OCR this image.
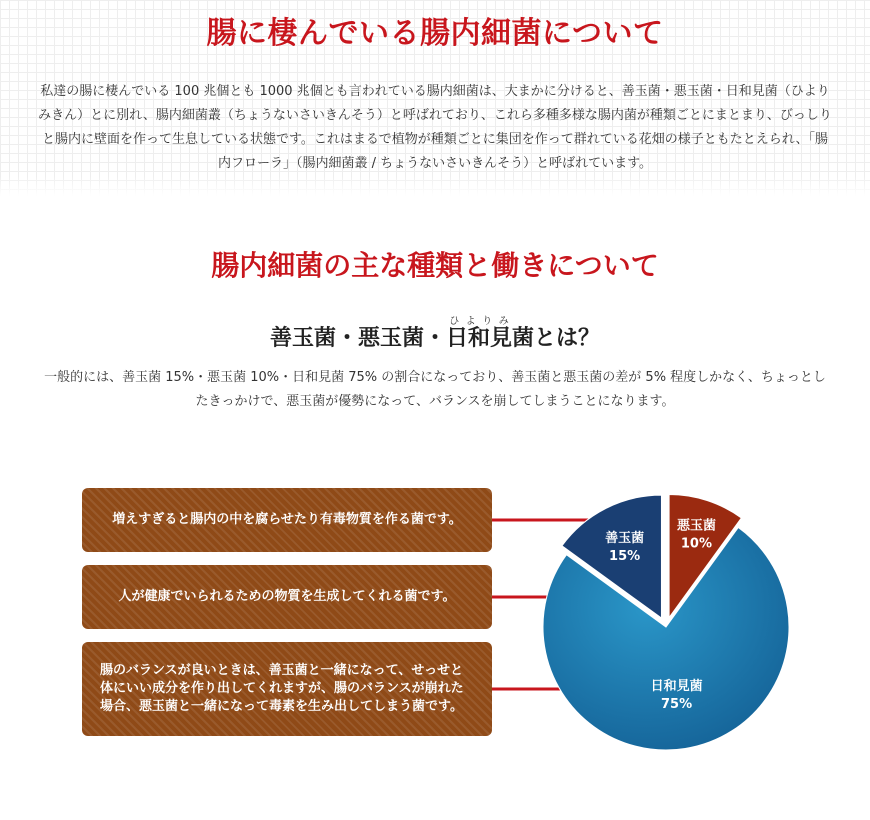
腸に棲んでいる腸内細菌について

私達の腸に棲んでいる 100 兆個とも 1000 兆個とも言われている腸内細菌は、大まかに分けると、善玉菌・悪玉菌・日和見菌（ひよりみきん）とに別れ、腸内細菌叢（ちょうないさいきんそう）と呼ばれており、これら多種多様な腸内菌が種類ごとにまとまり、びっしりと腸内に壁面を作って生息している状態です。これはまるで植物が種類ごとに集団を作って群れている花畑の様子ともたとえられ、「腸内フローラ」（腸内細菌叢 / ちょうないさいきんそう）と呼ばれています。

腸内細菌の主な種類と働きについて
善玉菌・悪玉菌・日和見ひよりみ菌とは？

一般的には、善玉菌 15%・悪玉菌 10%・日和見菌 75% の割合になっており、善玉菌と悪玉菌の差が 5% 程度しかなく、ちょっとしたきっかけで、悪玉菌が優勢になって、バランスを崩してしまうことになります。

増えすぎると腸内の中を腐らせたり有毒物質を作る菌です。
人が健康でいられるための物質を生成してくれる菌です。
腸のバランスが良いときは、善玉菌と一緒になって、せっせと体にいい成分を作り出してくれますが、腸のバランスが崩れた場合、悪玉菌と一緒になって毒素を生み出してしまう菌です。
悪玉菌
10%
善玉菌
15%
日和見菌
75%
